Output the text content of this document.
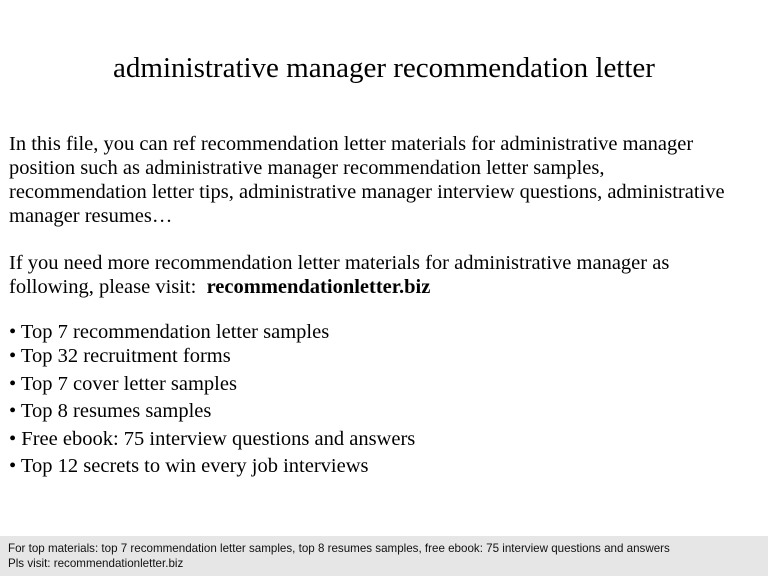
administrative manager recommendation letter

In this file, you can ref recommendation letter materials for administrative manager

position such as administrative manager recommendation letter samples,

recommendation letter tips, administrative manager interview questions, administrative

manager resumes…

If you need more recommendation letter materials for administrative manager as

following, please visit: recommendationletter.biz

• Top 7 recommendation letter samples
• Top 32 recruitment forms
• Top 7 cover letter samples
• Top 8 resumes samples
• Free ebook: 75 interview questions and answers
• Top 12 secrets to win every job interviews
For top materials: top 7 recommendation letter samples, top 8 resumes samples, free ebook: 75 interview questions and answers
Pls visit: recommendationletter.biz
